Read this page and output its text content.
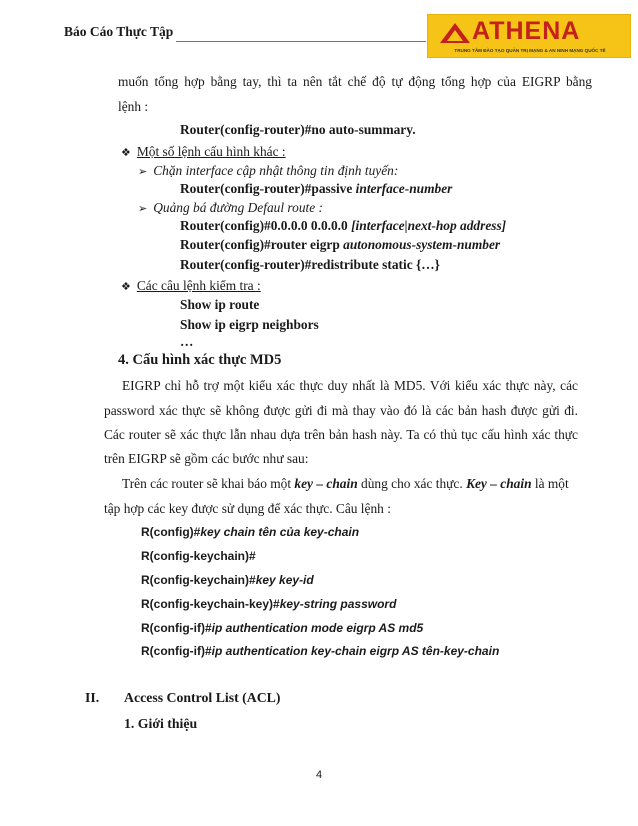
Báo Cáo Thực Tập	ATHENA
TRUNG TÂM ĐÀO TẠO QUẢN TRỊ MẠNG & AN NINH MẠNG QUỐC TẾ
muốn tổng hợp bằng tay, thì ta nên tắt chế độ tự động tổng hợp của EIGRP bằng
lệnh :
Router(config-router)#no auto-summary.
❖ Một số lệnh cấu hình khác :
➢ Chặn interface cập nhật thông tin định tuyến:
Router(config-router)#passive interface-number
➢ Quảng bá đường Defaul route :
Router(config)#0.0.0.0 0.0.0.0 [interface|next-hop address]
Router(config)#router eigrp autonomous-system-number
Router(config-router)#redistribute static {…}
❖ Các câu lệnh kiểm tra :
Show ip route
Show ip eigrp neighbors
…
4. Cấu hình xác thực MD5
EIGRP chỉ hỗ trợ một kiểu xác thực duy nhất là MD5. Với kiểu xác thực này, các
password xác thực sẽ không được gửi đi mà thay vào đó là các bản hash được gửi đi.
Các router sẽ xác thực lẫn nhau dựa trên bản hash này. Ta có thủ tục cấu hình xác thực
trên EIGRP sẽ gồm các bước như sau:
Trên các router sẽ khai báo một key – chain dùng cho xác thực. Key – chain là một
tập hợp các key được sử dụng để xác thực. Câu lệnh :
R(config)#key chain tên của key-chain
R(config-keychain)#
R(config-keychain)#key key-id
R(config-keychain-key)#key-string password
R(config-if)#ip authentication mode eigrp AS md5
R(config-if)#ip authentication key-chain eigrp AS tên-key-chain
II. Access Control List (ACL)
1. Giới thiệu
4
